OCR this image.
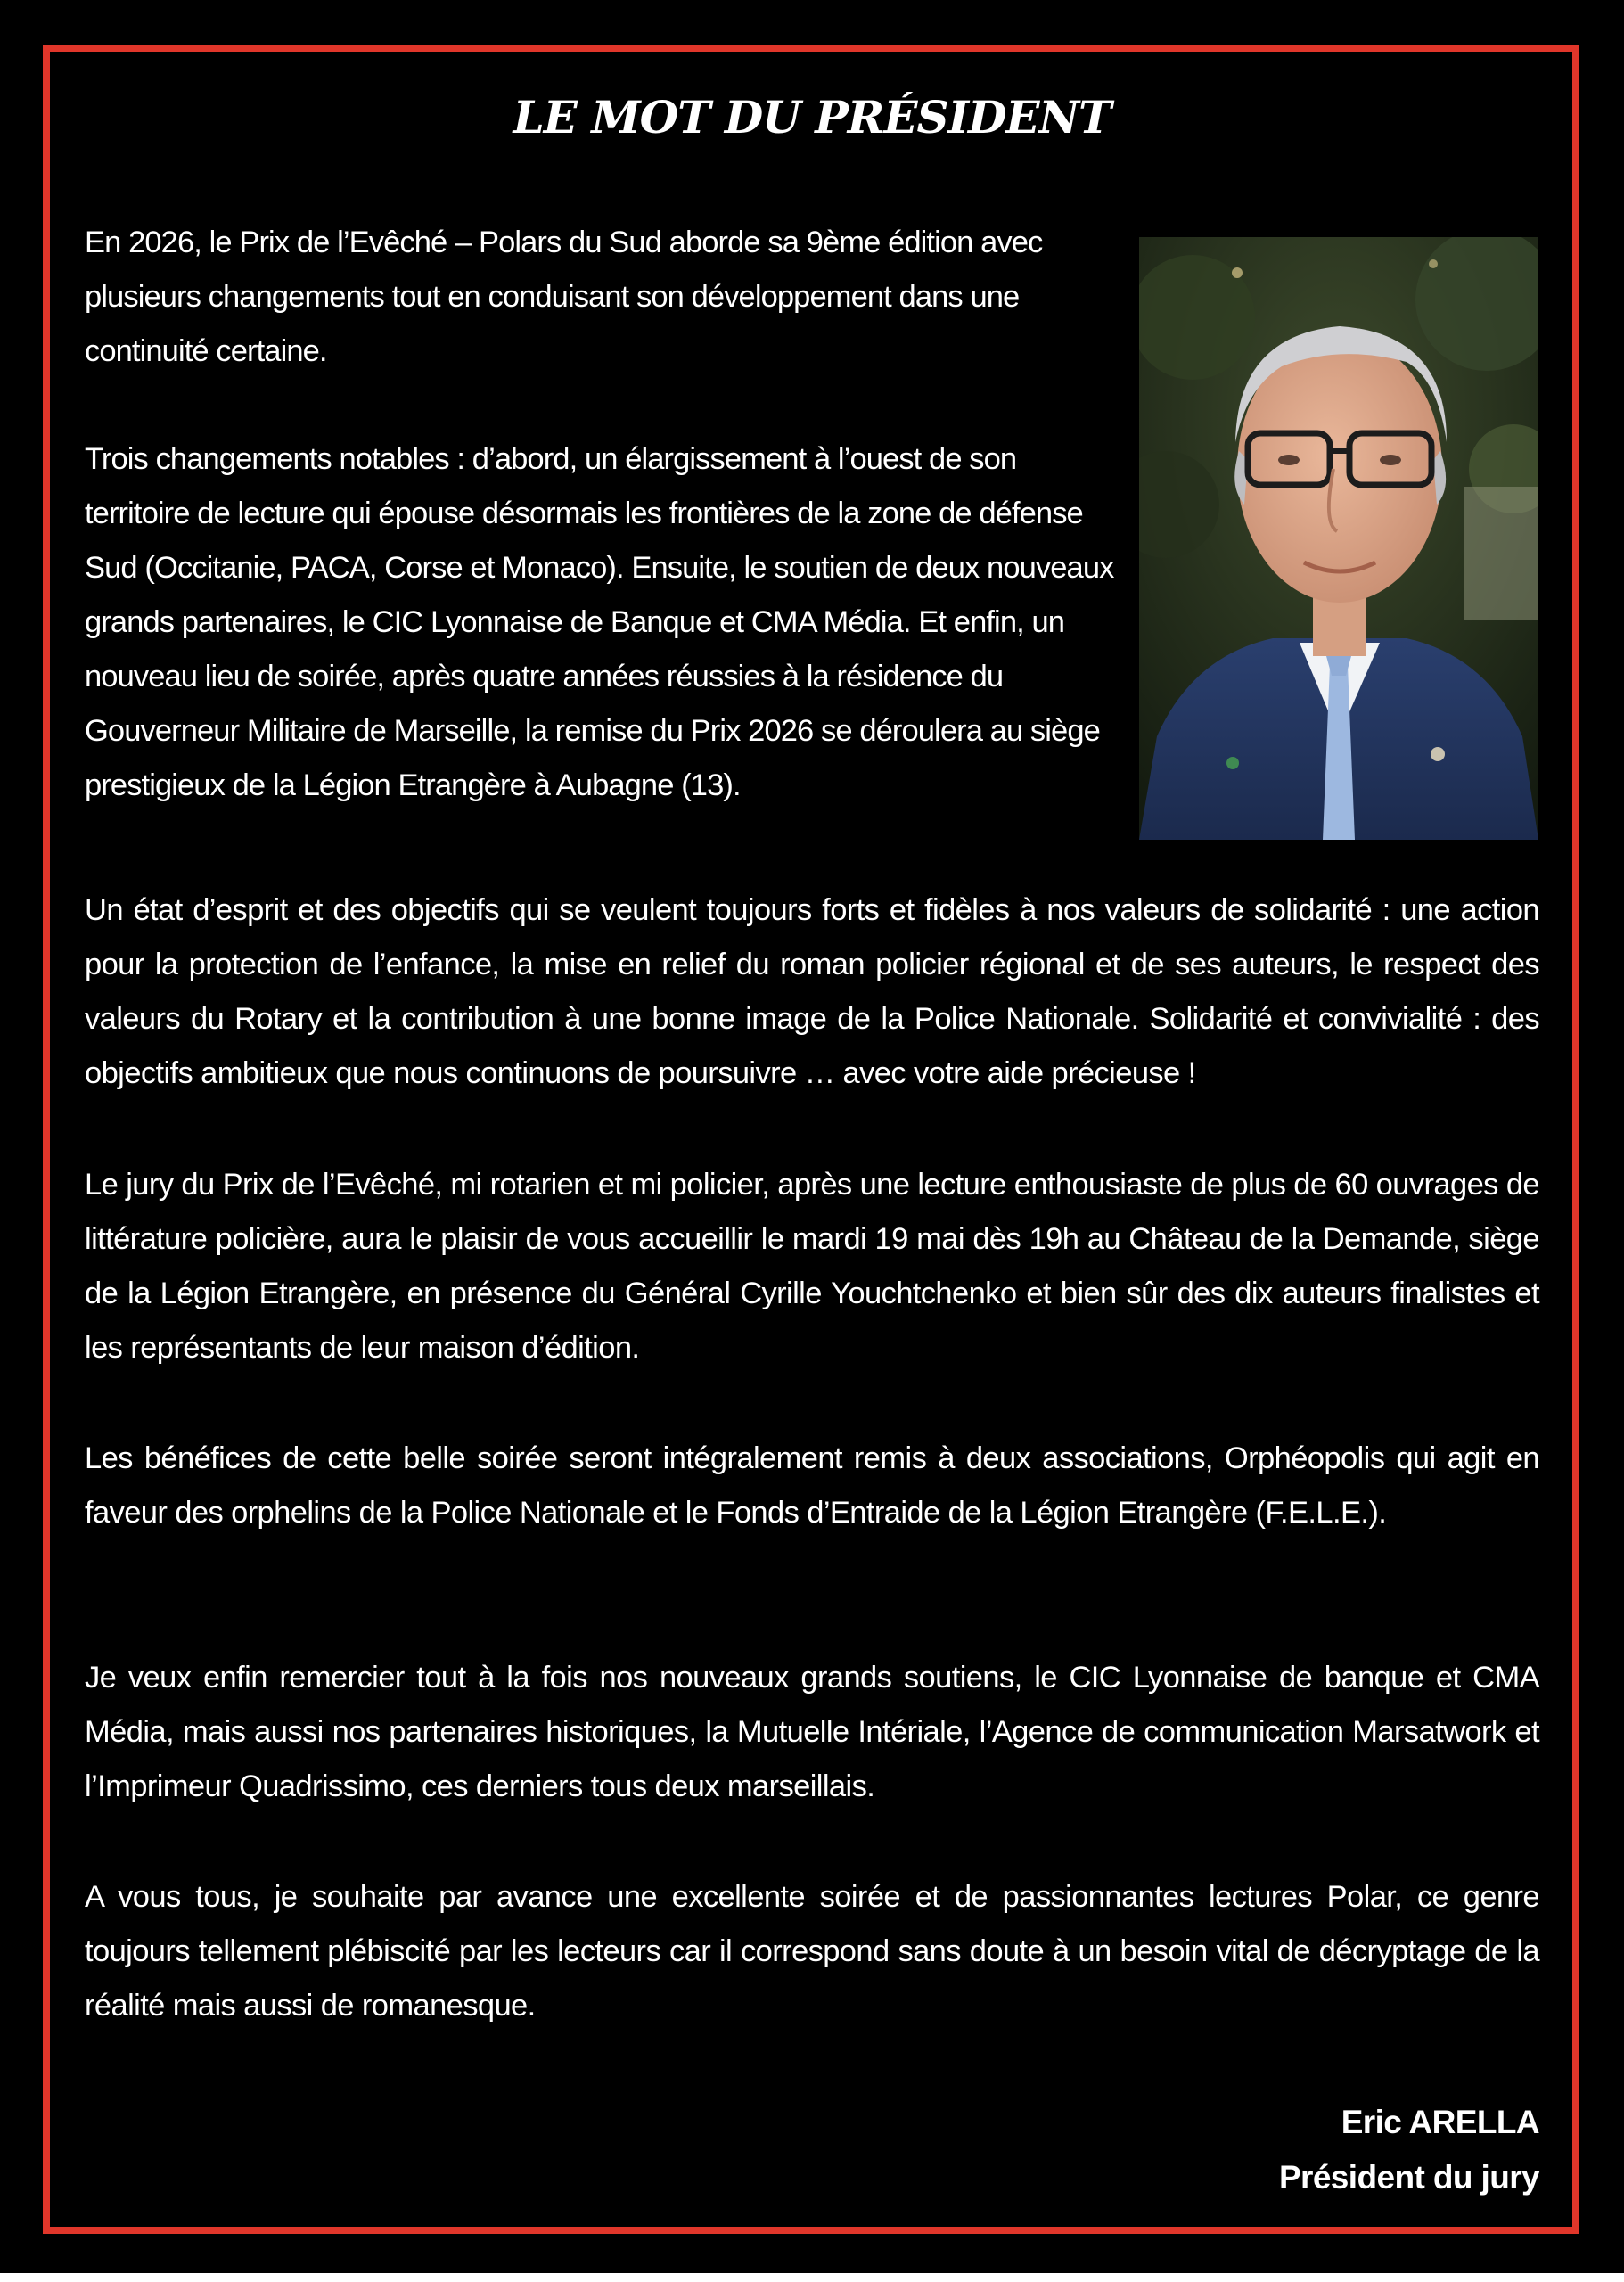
LE MOT DU PRÉSIDENT

En 2026, le Prix de l’Evêché – Polars du Sud aborde sa 9ème édition avec plusieurs changements tout en conduisant son développement dans une continuité certaine.

Trois changements notables : d’abord, un élargissement à l’ouest de son territoire de lecture qui épouse désormais les frontières de la zone de défense Sud (Occitanie, PACA, Corse et Monaco). Ensuite, le soutien de deux nouveaux grands partenaires, le CIC Lyonnaise de Banque et CMA Média. Et enfin, un nouveau lieu de soirée, après quatre années réussies à la résidence du Gouverneur Militaire de Marseille, la remise du Prix 2026 se déroulera au siège prestigieux de la Légion Etrangère à Aubagne (13).

Un état d’esprit et des objectifs qui se veulent toujours forts et fidèles à nos valeurs de solidarité : une action pour la protection de l’enfance, la mise en relief du roman policier régional et de ses auteurs, le respect des valeurs du Rotary et la contribution à une bonne image de la Police Nationale. Solidarité et convivialité : des objectifs ambitieux que nous continuons de poursuivre … avec votre aide précieuse !

Le jury du Prix de l’Evêché, mi rotarien et mi policier, après une lecture enthousiaste de plus de 60 ouvrages de littérature policière, aura le plaisir de vous accueillir le mardi 19 mai dès 19h au Château de la Demande, siège de la Légion Etrangère, en présence du Général Cyrille Youchtchenko et bien sûr des dix auteurs finalistes et les représentants de leur maison d’édition.

Les bénéfices de cette belle soirée seront intégralement remis à deux associations, Orphéopolis qui agit en faveur des orphelins de la Police Nationale et le Fonds d’Entraide de la Légion Etrangère (F.E.L.E.).

Je veux enfin remercier tout à la fois nos nouveaux grands soutiens, le CIC Lyonnaise de banque et CMA Média, mais aussi nos partenaires historiques, la Mutuelle Intériale, l’Agence de communication Marsatwork et l’Imprimeur Quadrissimo, ces derniers tous deux marseillais.

A vous tous, je souhaite par avance une excellente soirée et de passionnantes lectures Polar, ce genre toujours tellement plébiscité par les lecteurs car il correspond sans doute à un besoin vital de décryptage de la réalité mais aussi de romanesque.

Eric ARELLA
Président du jury
